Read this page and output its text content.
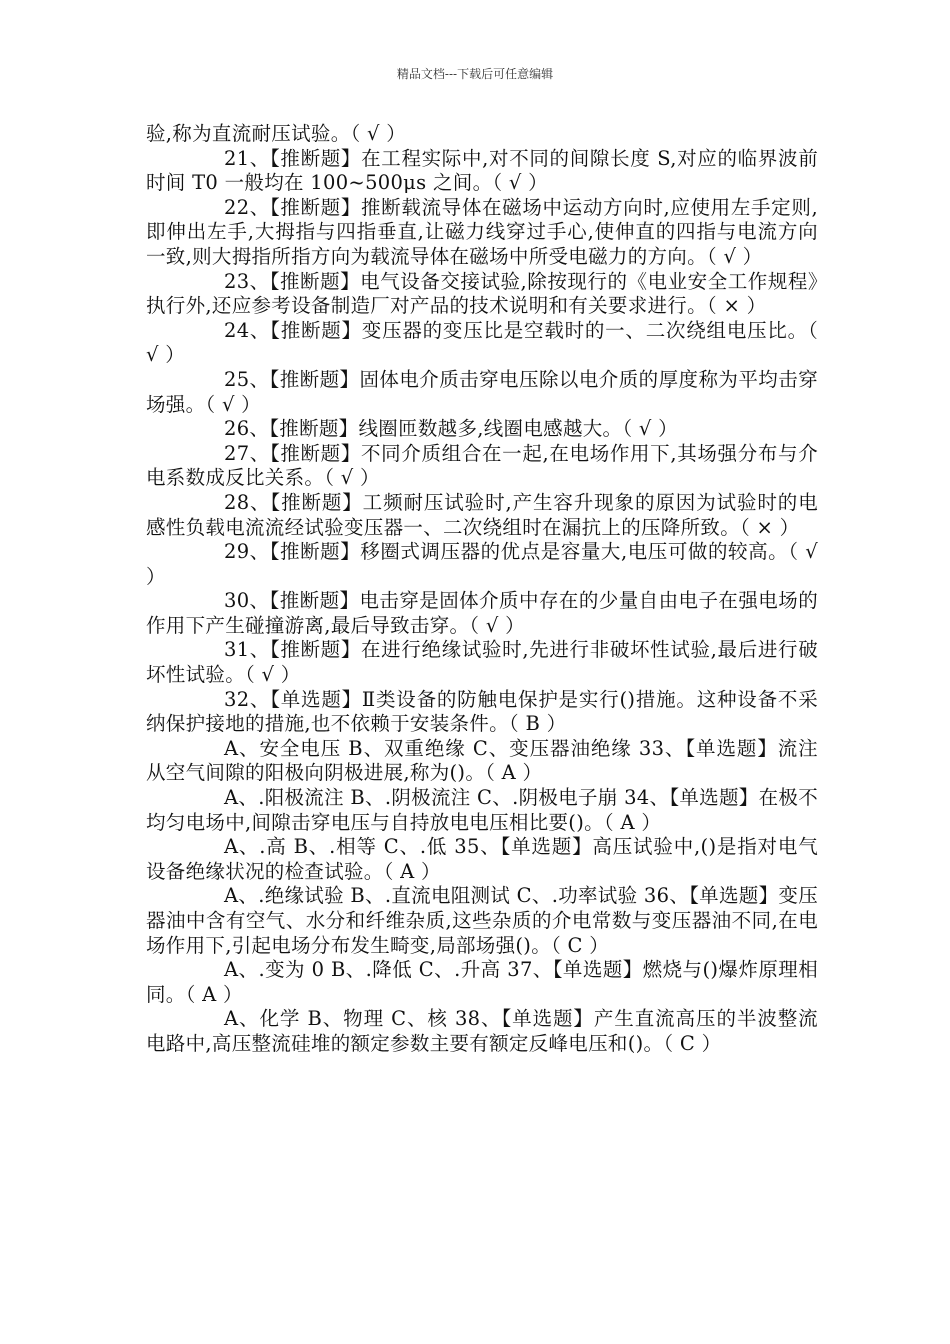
精品文档---下载后可任意编辑

验,称为直流耐压试验。（ √ ）

21、【推断题】在工程实际中,对不同的间隙长度 S,对应的临界波前时间 T0 一般均在 100~500μs 之间。（ √ ）

22、【推断题】推断载流导体在磁场中运动方向时,应使用左手定则,即伸出左手,大拇指与四指垂直,让磁力线穿过手心,使伸直的四指与电流方向一致,则大拇指所指方向为载流导体在磁场中所受电磁力的方向。（ √ ）

23、【推断题】电气设备交接试验,除按现行的《电业安全工作规程》执行外,还应参考设备制造厂对产品的技术说明和有关要求进行。（ × ）

24、【推断题】变压器的变压比是空载时的一、二次绕组电压比。（ √ ）

25、【推断题】固体电介质击穿电压除以电介质的厚度称为平均击穿场强。（ √ ）

26、【推断题】线圈匝数越多,线圈电感越大。（ √ ）

27、【推断题】不同介质组合在一起,在电场作用下,其场强分布与介电系数成反比关系。（ √ ）

28、【推断题】工频耐压试验时,产生容升现象的原因为试验时的电感性负载电流流经试验变压器一、二次绕组时在漏抗上的压降所致。（ × ）

29、【推断题】移圈式调压器的优点是容量大,电压可做的较高。（ √ ）

30、【推断题】电击穿是固体介质中存在的少量自由电子在强电场的作用下产生碰撞游离,最后导致击穿。（ √ ）

31、【推断题】在进行绝缘试验时,先进行非破坏性试验,最后进行破坏性试验。（ √ ）

32、【单选题】Ⅱ类设备的防触电保护是实行()措施。这种设备不采纳保护接地的措施,也不依赖于安装条件。（ B ）

A、安全电压 B、双重绝缘 C、变压器油绝缘 33、【单选题】流注从空气间隙的阳极向阴极进展,称为()。（ A ）

A、.阳极流注 B、.阴极流注 C、.阴极电子崩 34、【单选题】在极不均匀电场中,间隙击穿电压与自持放电电压相比要()。（ A ）

A、.高 B、.相等 C、.低 35、【单选题】高压试验中,()是指对电气设备绝缘状况的检查试验。（ A ）

A、.绝缘试验 B、.直流电阻测试 C、.功率试验 36、【单选题】变压器油中含有空气、水分和纤维杂质,这些杂质的介电常数与变压器油不同,在电场作用下,引起电场分布发生畸变,局部场强()。（ C ）

A、.变为 0 B、.降低 C、.升高 37、【单选题】燃烧与()爆炸原理相同。（ A ）

A、化学 B、物理 C、核 38、【单选题】产生直流高压的半波整流电路中,高压整流硅堆的额定参数主要有额定反峰电压和()。（ C ）
